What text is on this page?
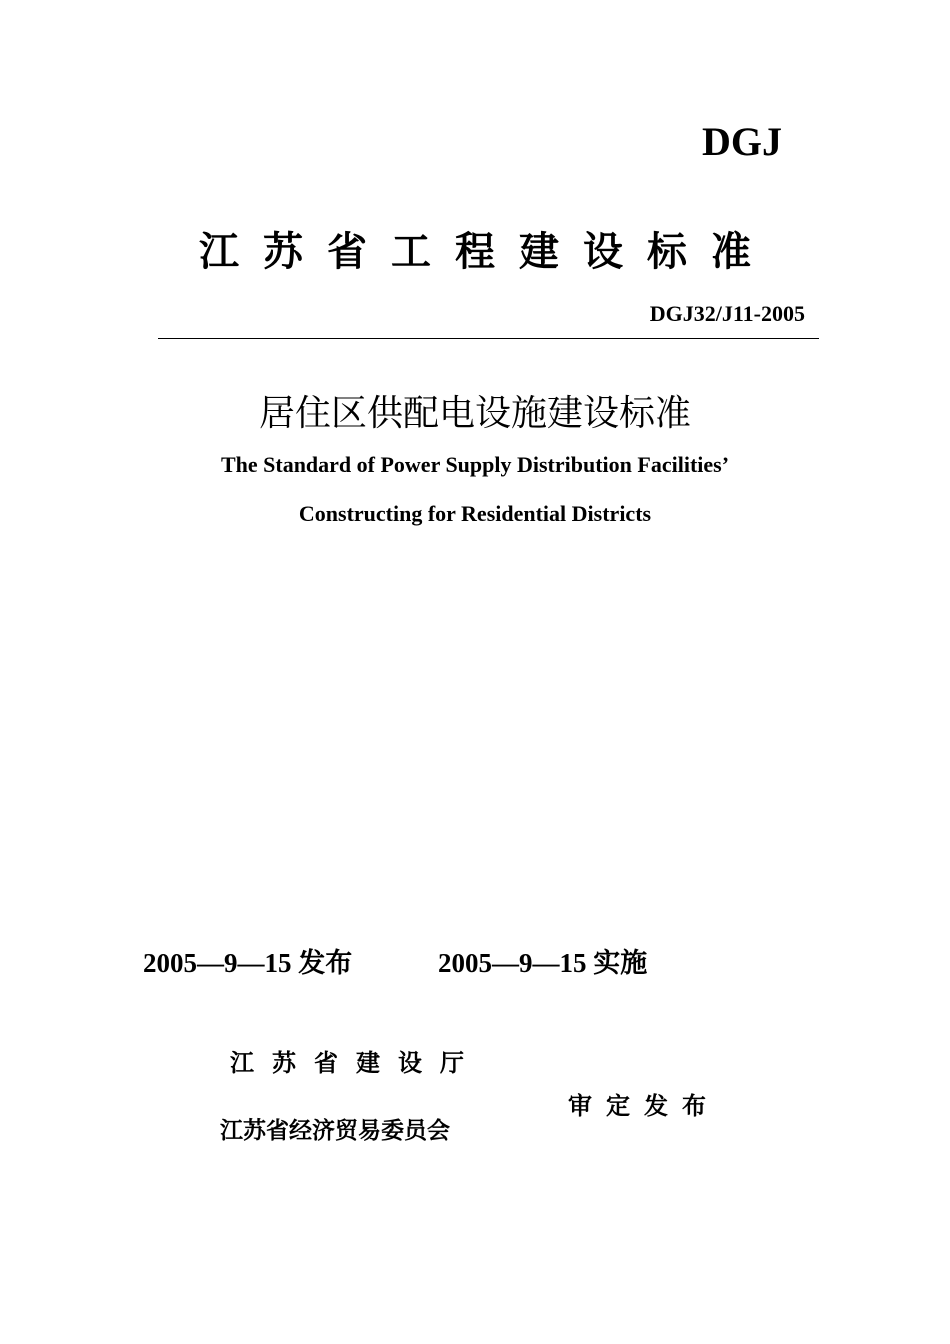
DGJ
江苏省工程建设标准
DGJ32/J11-2005
居住区供配电设施建设标准
The Standard of Power Supply Distribution Facilities’
Constructing for Residential Districts
2005—9—15 发布	2005—9—15 实施
江苏省建设厅
江苏省经济贸易委员会
审定发布
